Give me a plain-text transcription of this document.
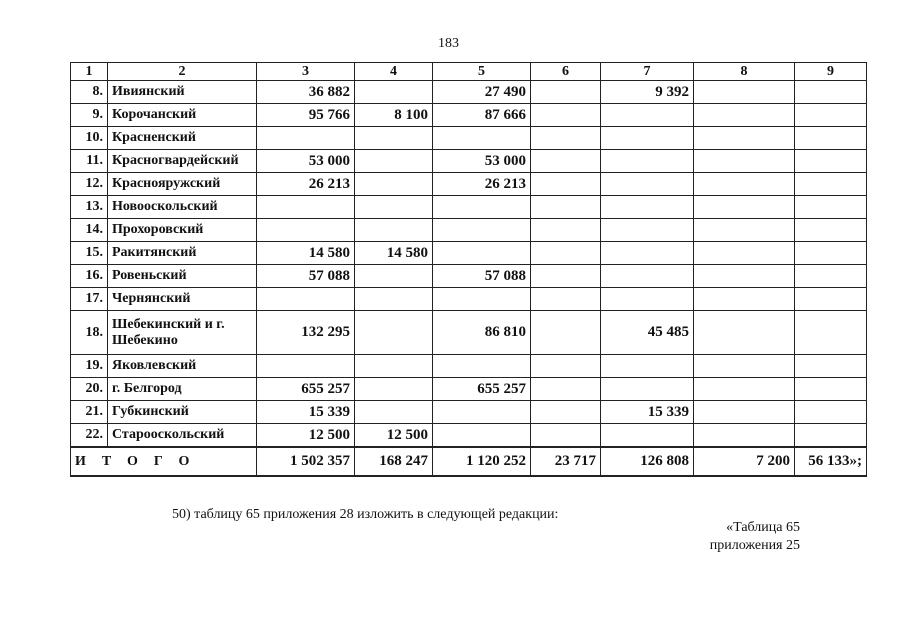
183
1	2	3	4	5	6	7	8	9
8.	Ивиянский	36 882		27 490		9 392		
9.	Корочанский	95 766	8 100	87 666				
10.	Красненский							
11.	Красногвардейский	53 000		53 000				
12.	Краснояружский	26 213		26 213				
13.	Новооскольский							
14.	Прохоровский							
15.	Ракитянский	14 580	14 580					
16.	Ровеньский	57 088		57 088				
17.	Чернянский							
18.	Шебекинский и г. Шебекино	132 295		86 810		45 485		
19.	Яковлевский							
20.	г. Белгород	655 257		655 257				
21.	Губкинский	15 339				15 339		
22.	Старооскольский	12 500	12 500					
ИТОГО		1 502 357	168 247	1 120 252	23 717	126 808	7 200	56 133»;
50) таблицу 65 приложения 28 изложить в следующей редакции:
«Таблица 65
приложения 25
